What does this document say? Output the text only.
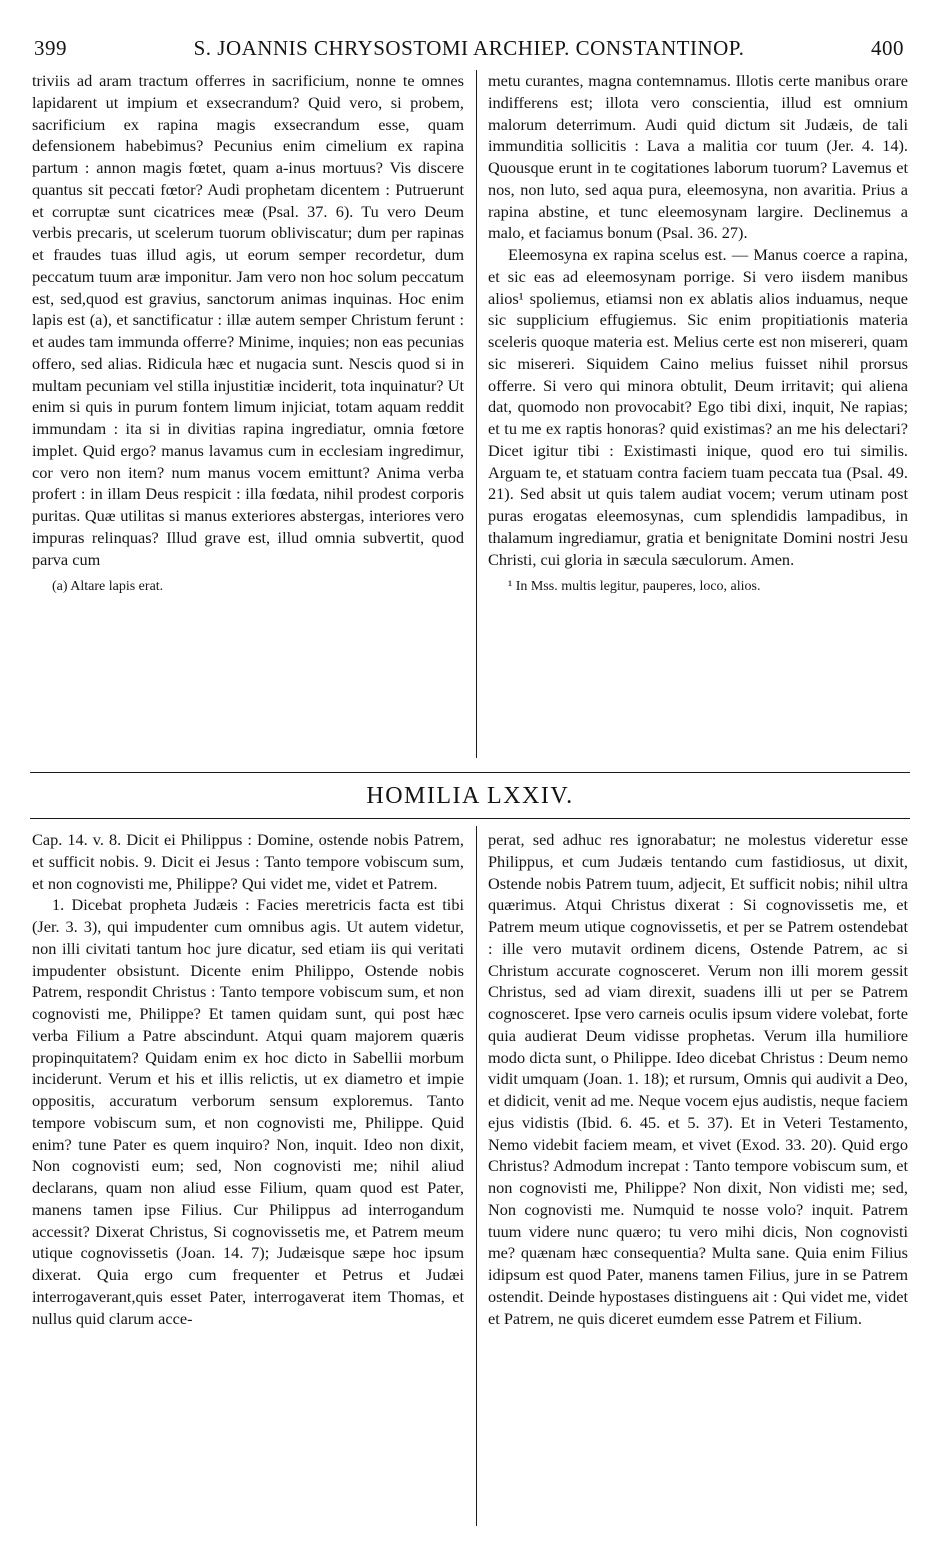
399	S. JOANNIS CHRYSOSTOMI ARCHIEP. CONSTANTINOP.	400

triviis ad aram tractum offerres in sacrificium, nonne te omnes lapidarent ut impium et exsecrandum? Quid vero, si probem, sacrificium ex rapina magis exsecrandum esse, quam defensionem habebimus? Pecunius enim cimelium ex rapina partum : annon magis fœtet, quam a-inus mortuus? Vis discere quantus sit peccati fœtor? Audi prophetam dicentem : Putruerunt et corruptæ sunt cicatrices meæ (Psal. 37. 6). Tu vero Deum verbis precaris, ut scelerum tuorum obliviscatur; dum per rapinas et fraudes tuas illud agis, ut eorum semper recordetur, dum peccatum tuum aræ imponitur. Jam vero non hoc solum peccatum est, sed,quod est gravius, sanctorum animas inquinas. Hoc enim lapis est (a), et sanctificatur : illæ autem semper Christum ferunt : et audes tam immunda offerre? Minime, inquies; non eas pecunias offero, sed alias. Ridicula hæc et nugacia sunt. Nescis quod si in multam pecuniam vel stilla injustitiæ inciderit, tota inquinatur? Ut enim si quis in purum fontem limum injiciat, totam aquam reddit immundam : ita si in divitias rapina ingrediatur, omnia fœtore implet. Quid ergo? manus lavamus cum in ecclesiam ingredimur, cor vero non item? num manus vocem emittunt? Anima verba profert : in illam Deus respicit : illa fœdata, nihil prodest corporis puritas. Quæ utilitas si manus exteriores abstergas, interiores vero impuras relinquas? Illud grave est, illud omnia subvertit, quod parva cum

(a) Altare lapis erat.

metu curantes, magna contemnamus. Illotis certe manibus orare indifferens est; illota vero conscientia, illud est omnium malorum deterrimum. Audi quid dictum sit Judæis, de tali immunditia sollicitis : Lava a malitia cor tuum (Jer. 4. 14). Quousque erunt in te cogitationes laborum tuorum? Lavemus et nos, non luto, sed aqua pura, eleemosyna, non avaritia. Prius a rapina abstine, et tunc eleemosynam largire. Declinemus a malo, et faciamus bonum (Psal. 36. 27).

Eleemosyna ex rapina scelus est. — Manus coerce a rapina, et sic eas ad eleemosynam porrige. Si vero iisdem manibus alios¹ spoliemus, etiamsi non ex ablatis alios induamus, neque sic supplicium effugiemus. Sic enim propitiationis materia sceleris quoque materia est. Melius certe est non misereri, quam sic misereri. Siquidem Caino melius fuisset nihil prorsus offerre. Si vero qui minora obtulit, Deum irritavit; qui aliena dat, quomodo non provocabit? Ego tibi dixi, inquit, Ne rapias; et tu me ex raptis honoras? quid existimas? an me his delectari? Dicet igitur tibi : Existimasti inique, quod ero tui similis. Arguam te, et statuam contra faciem tuam peccata tua (Psal. 49. 21). Sed absit ut quis talem audiat vocem; verum utinam post puras erogatas eleemosynas, cum splendidis lampadibus, in thalamum ingrediamur, gratia et benignitate Domini nostri Jesu Christi, cui gloria in sæcula sæculorum. Amen.

¹ In Mss. multis legitur, pauperes, loco, alios.

HOMILIA LXXIV.

Cap. 14. v. 8. Dicit ei Philippus : Domine, ostende nobis Patrem, et sufficit nobis. 9. Dicit ei Jesus : Tanto tempore vobiscum sum, et non cognovisti me, Philippe? Qui videt me, videt et Patrem.

1. Dicebat propheta Judæis : Facies meretricis facta est tibi (Jer. 3. 3), qui impudenter cum omnibus agis. Ut autem videtur, non illi civitati tantum hoc jure dicatur, sed etiam iis qui veritati impudenter obsistunt. Dicente enim Philippo, Ostende nobis Patrem, respondit Christus : Tanto tempore vobiscum sum, et non cognovisti me, Philippe? Et tamen quidam sunt, qui post hæc verba Filium a Patre abscindunt. Atqui quam majorem quæris propinquitatem? Quidam enim ex hoc dicto in Sabellii morbum inciderunt. Verum et his et illis relictis, ut ex diametro et impie oppositis, accuratum verborum sensum exploremus. Tanto tempore vobiscum sum, et non cognovisti me, Philippe. Quid enim? tune Pater es quem inquiro? Non, inquit. Ideo non dixit, Non cognovisti eum; sed, Non cognovisti me; nihil aliud declarans, quam non aliud esse Filium, quam quod est Pater, manens tamen ipse Filius. Cur Philippus ad interrogandum accessit? Dixerat Christus, Si cognovissetis me, et Patrem meum utique cognovissetis (Joan. 14. 7); Judæisque sæpe hoc ipsum dixerat. Quia ergo cum frequenter et Petrus et Judæi interrogaverant,quis esset Pater, interrogaverat item Thomas, et nullus quid clarum acce-

perat, sed adhuc res ignorabatur; ne molestus videretur esse Philippus, et cum Judæis tentando cum fastidiosus, ut dixit, Ostende nobis Patrem tuum, adjecit, Et sufficit nobis; nihil ultra quærimus. Atqui Christus dixerat : Si cognovissetis me, et Patrem meum utique cognovissetis, et per se Patrem ostendebat : ille vero mutavit ordinem dicens, Ostende Patrem, ac si Christum accurate cognosceret. Verum non illi morem gessit Christus, sed ad viam direxit, suadens illi ut per se Patrem cognosceret. Ipse vero carneis oculis ipsum videre volebat, forte quia audierat Deum vidisse prophetas. Verum illa humiliore modo dicta sunt, o Philippe. Ideo dicebat Christus : Deum nemo vidit umquam (Joan. 1. 18); et rursum, Omnis qui audivit a Deo, et didicit, venit ad me. Neque vocem ejus audistis, neque faciem ejus vidistis (Ibid. 6. 45. et 5. 37). Et in Veteri Testamento, Nemo videbit faciem meam, et vivet (Exod. 33. 20). Quid ergo Christus? Admodum increpat : Tanto tempore vobiscum sum, et non cognovisti me, Philippe? Non dixit, Non vidisti me; sed, Non cognovisti me. Numquid te nosse volo? inquit. Patrem tuum videre nunc quæro; tu vero mihi dicis, Non cognovisti me? quænam hæc consequentia? Multa sane. Quia enim Filius idipsum est quod Pater, manens tamen Filius, jure in se Patrem ostendit. Deinde hypostases distinguens ait : Qui videt me, videt et Patrem, ne quis diceret eumdem esse Patrem et Filium.
